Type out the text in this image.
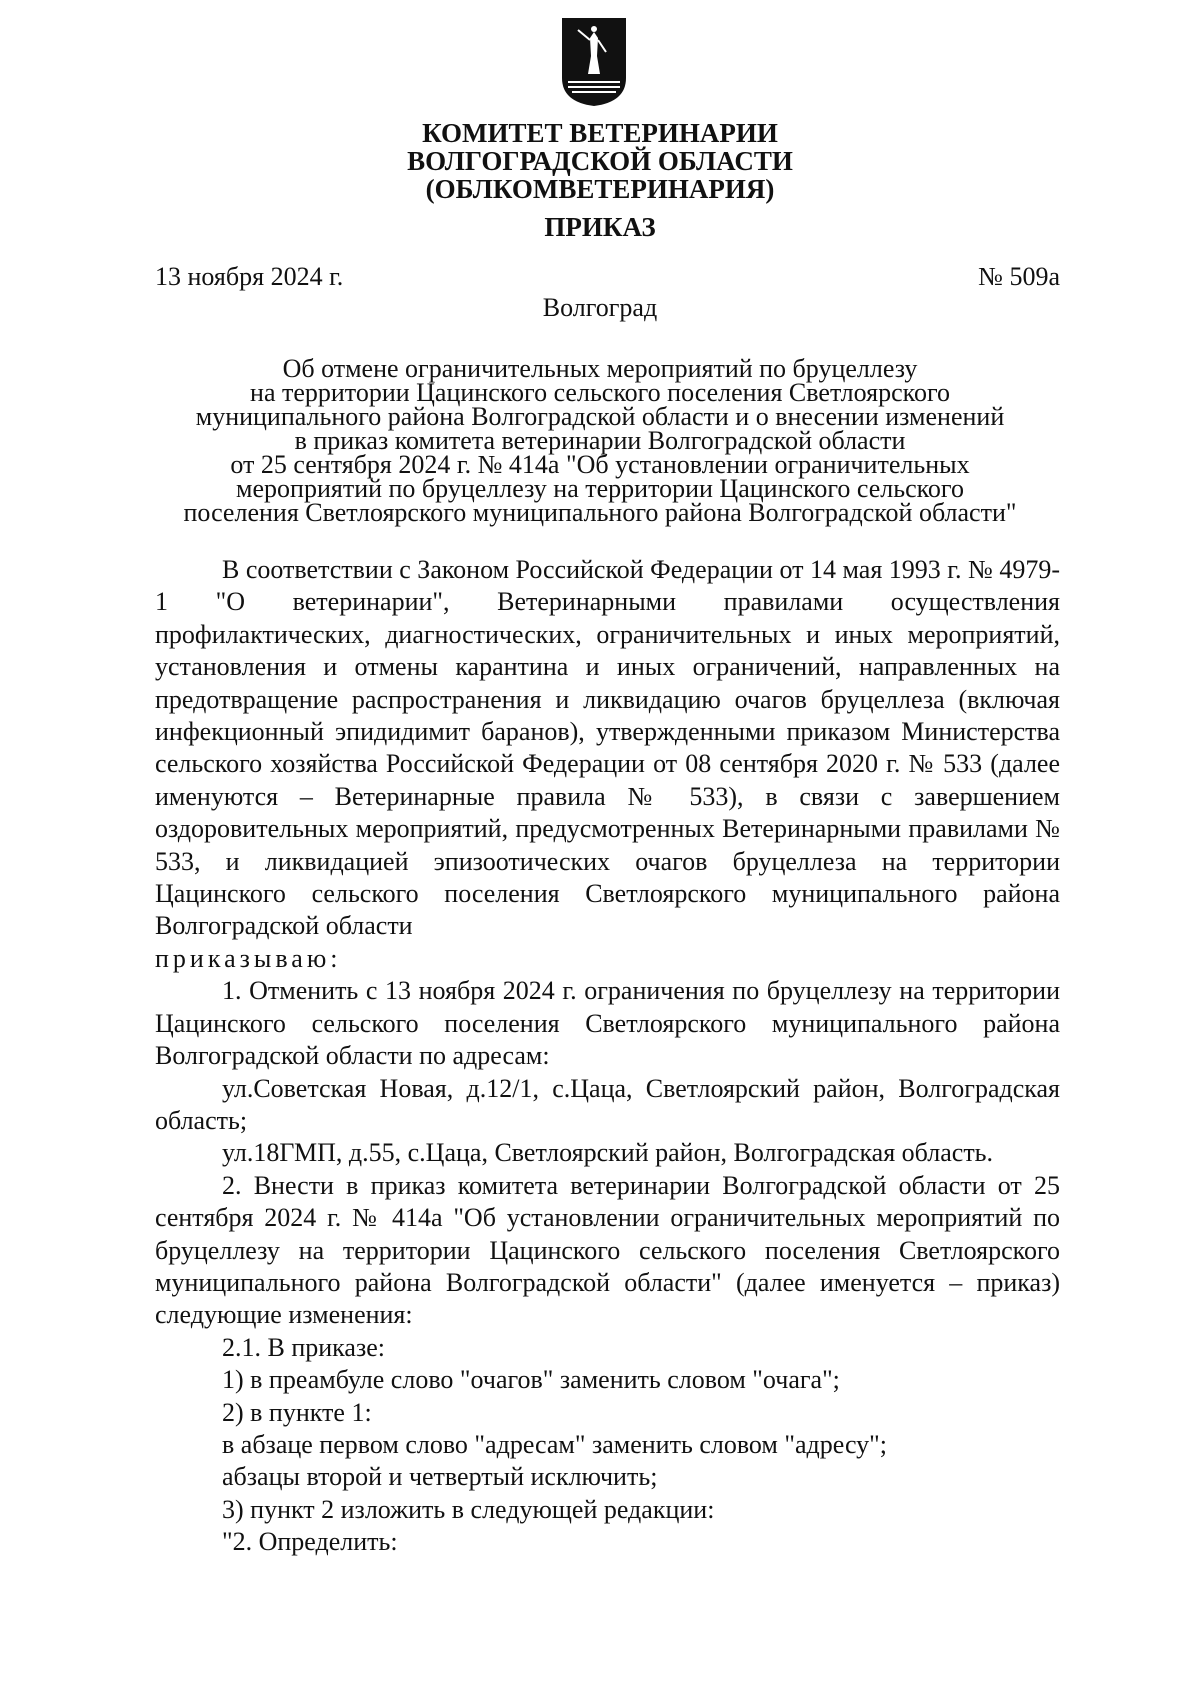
КОМИТЕТ ВЕТЕРИНАРИИ
ВОЛГОГРАДСКОЙ ОБЛАСТИ
(ОБЛКОМВЕТЕРИНАРИЯ)
ПРИКАЗ
13 ноября 2024 г.	№ 509а
Волгоград
Об отмене ограничительных мероприятий по бруцеллезу
на территории Цацинского сельского поселения Светлоярского
муниципального района Волгоградской области и о внесении изменений
в приказ комитета ветеринарии Волгоградской области
от 25 сентября 2024 г. № 414а "Об установлении ограничительных
мероприятий по бруцеллезу на территории Цацинского сельского
поселения Светлоярского муниципального района Волгоградской области"

В соответствии с Законом Российской Федерации от 14 мая 1993 г. № 4979-1 "О ветеринарии", Ветеринарными правилами осуществления профилактических, диагностических, ограничительных и иных мероприятий, установления и отмены карантина и иных ограничений, направленных на предотвращение распространения и ликвидацию очагов бруцеллеза (включая инфекционный эпидидимит баранов), утвержденными приказом Министерства сельского хозяйства Российской Федерации от 08 сентября 2020 г. № 533 (далее именуются – Ветеринарные правила № 533), в связи с завершением оздоровительных мероприятий, предусмотренных Ветеринарными правилами № 533, и ликвидацией эпизоотических очагов бруцеллеза на территории Цацинского сельского поселения Светлоярского муниципального района Волгоградской области

приказываю:

1. Отменить с 13 ноября 2024 г. ограничения по бруцеллезу на территории Цацинского сельского поселения Светлоярского муниципального района Волгоградской области по адресам:

ул.Советская Новая, д.12/1, с.Цаца, Светлоярский район, Волгоградская область;

ул.18ГМП, д.55, с.Цаца, Светлоярский район, Волгоградская область.

2. Внести в приказ комитета ветеринарии Волгоградской области от 25 сентября 2024 г. № 414а "Об установлении ограничительных мероприятий по бруцеллезу на территории Цацинского сельского поселения Светлоярского муниципального района Волгоградской области" (далее именуется – приказ) следующие изменения:

2.1. В приказе:

1) в преамбуле слово "очагов" заменить словом "очага";

2) в пункте 1:

в абзаце первом слово "адресам" заменить словом "адресу";

абзацы второй и четвертый исключить;

3) пункт 2 изложить в следующей редакции:

"2. Определить:
